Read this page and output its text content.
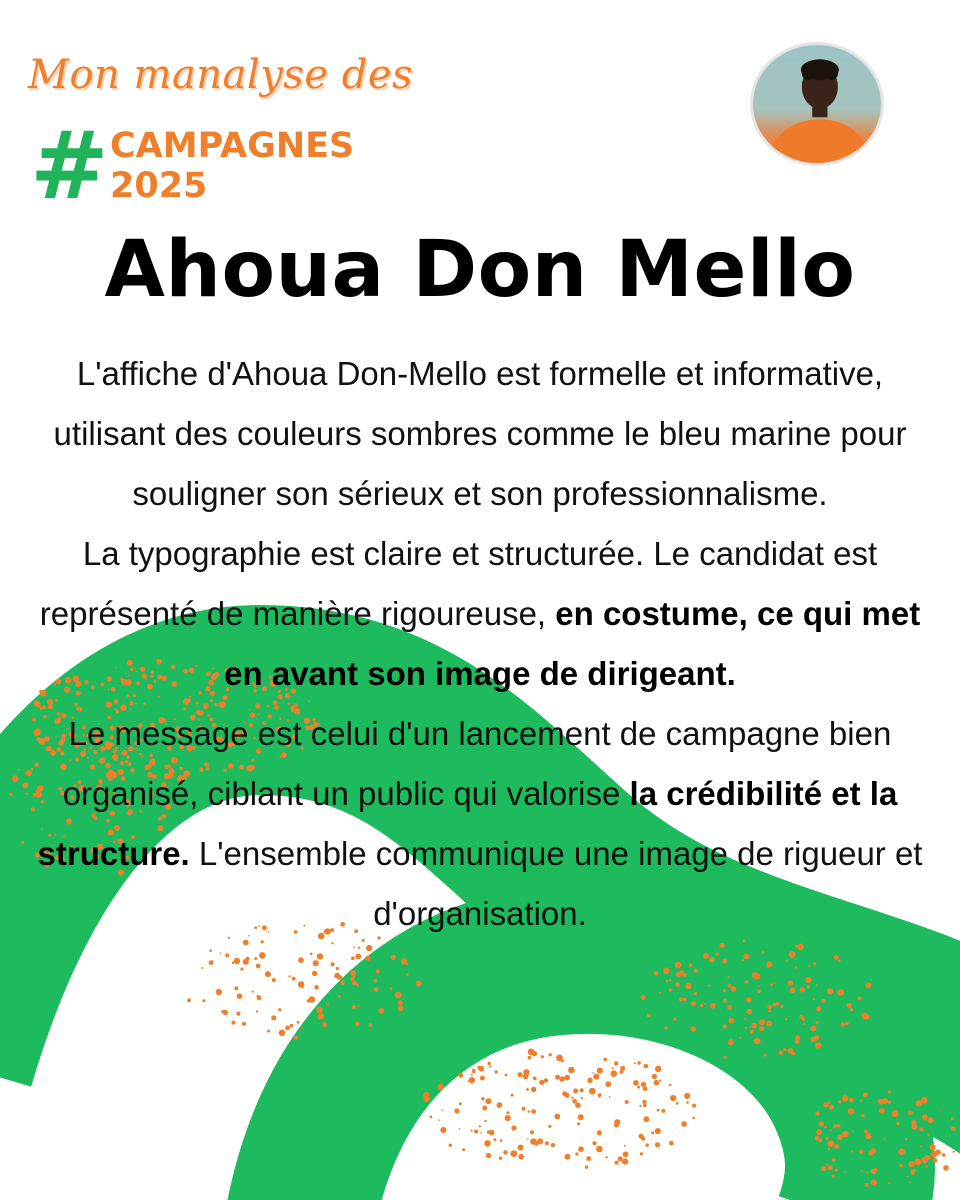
Mon manalyse des
# CAMPAGNES
2025
Ahoua Don Mello

L'affiche d'Ahoua Don-Mello est formelle et informative, utilisant des couleurs sombres comme le bleu marine pour souligner son sérieux et son professionnalisme.

La typographie est claire et structurée. Le candidat est représenté de manière rigoureuse, en costume, ce qui met en avant son image de dirigeant.

Le message est celui d'un lancement de campagne bien organisé, ciblant un public qui valorise la crédibilité et la structure. L'ensemble communique une image de rigueur et d'organisation.
